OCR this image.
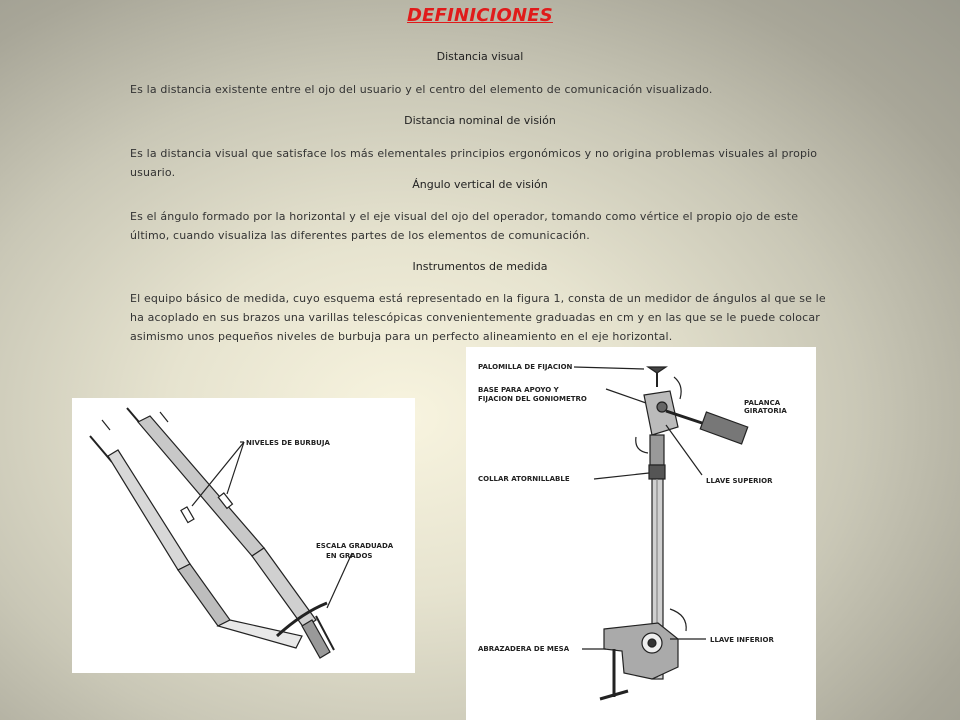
DEFINICIONES
Distancia visual
Es la distancia existente entre el ojo del usuario y el centro del elemento de comunicación visualizado.
Distancia nominal de visión
Es la distancia visual que satisface los más elementales principios ergonómicos y no origina problemas visuales al propio usuario.
Ángulo vertical de visión
Es el ángulo formado por la horizontal y el eje visual del ojo del operador, tomando como vértice el propio ojo de este último, cuando visualiza las diferentes partes de los elementos de comunicación.
Instrumentos de medida
El equipo básico de medida, cuyo esquema está representado en la figura 1, consta de un medidor de ángulos al que se le ha acoplado en sus brazos una varillas telescópicas convenientemente graduadas en cm y en las que se le puede colocar asimismo unos pequeños niveles de burbuja para un perfecto alineamiento en el eje horizontal.
NIVELES DE BURBUJA
ESCALA GRADUADA
EN GRADOS
PALOMILLA DE FIJACION
BASE PARA APOYO Y
FIJACION DEL GONIOMETRO	PALANCA
GIRATORIA
LLAVE SUPERIOR
COLLAR ATORNILLABLE
LLAVE INFERIOR
ABRAZADERA DE MESA
